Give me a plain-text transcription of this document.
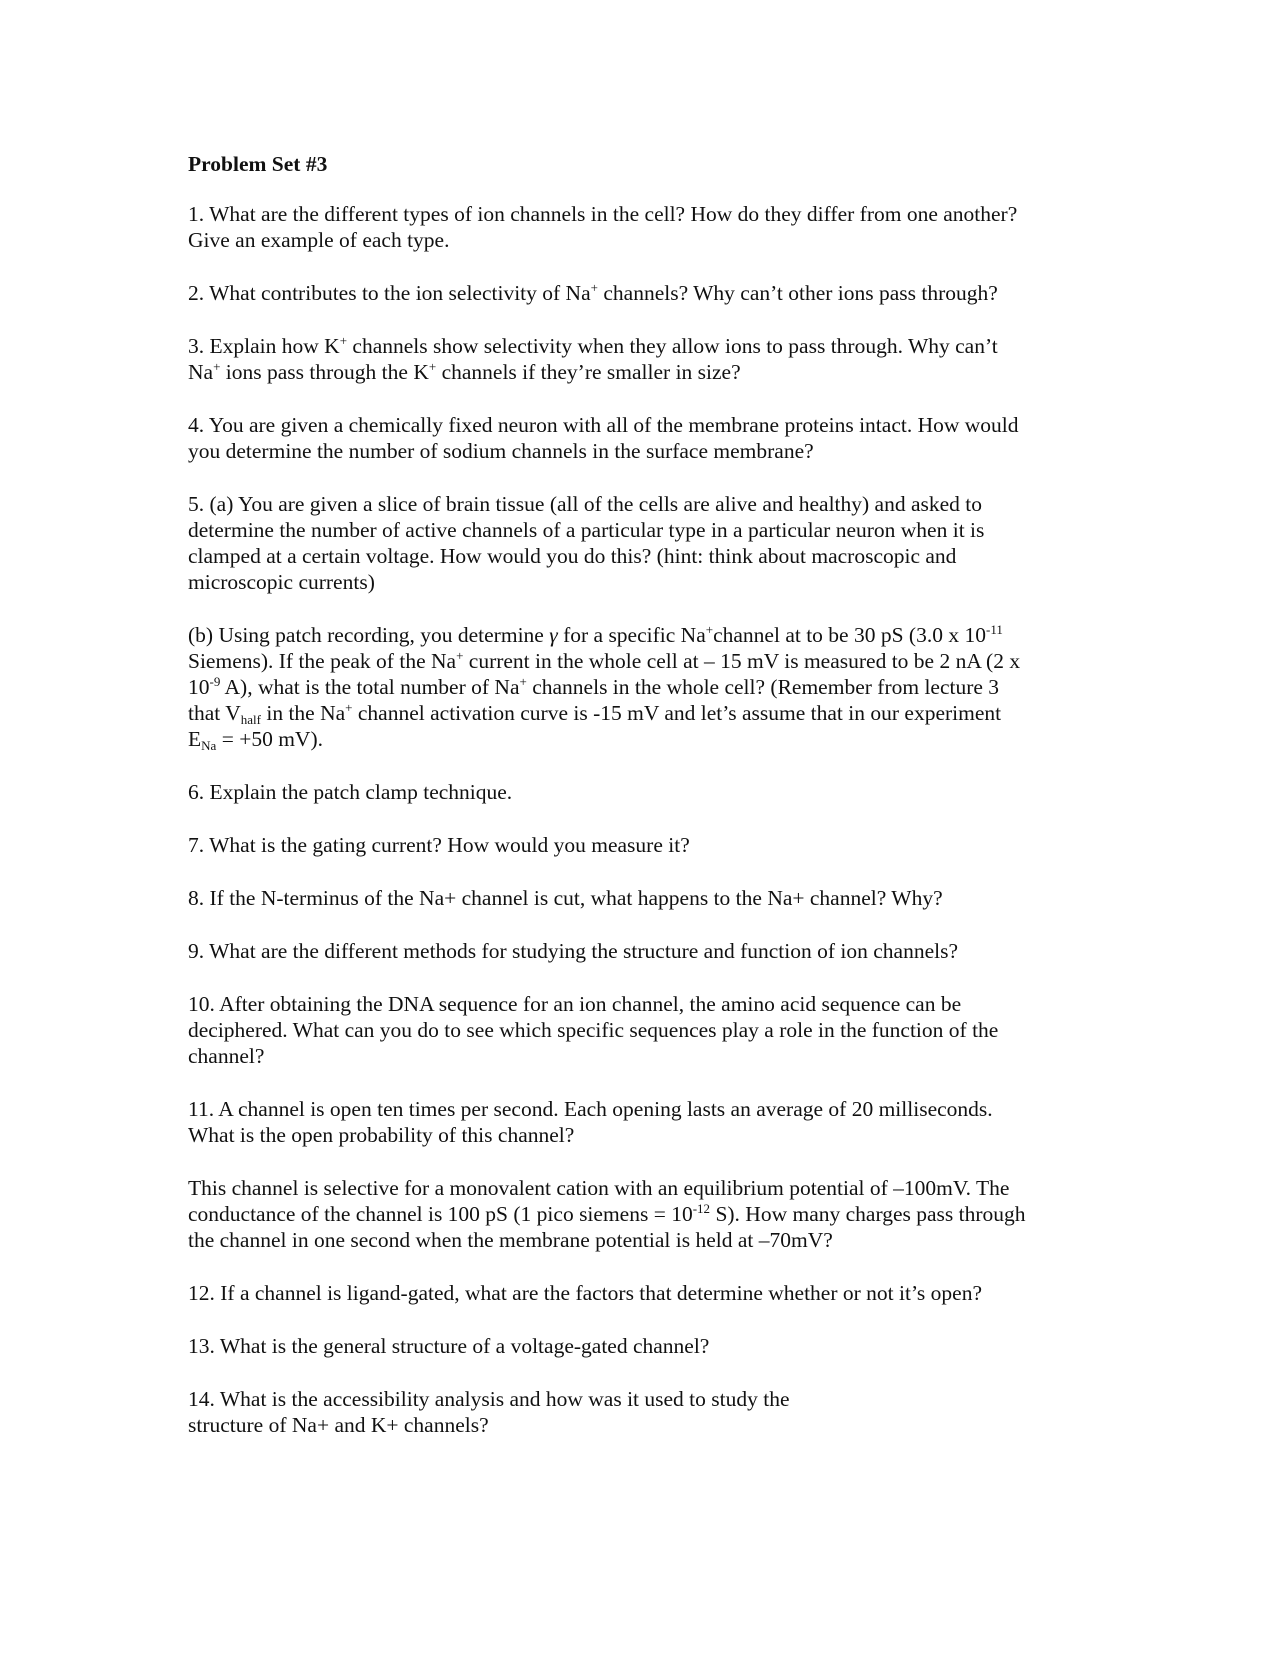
Problem Set #3

1. What are the different types of ion channels in the cell? How do they differ from one another?
Give an example of each type.

2. What contributes to the ion selectivity of Na+ channels? Why can’t other ions pass through?

3. Explain how K+ channels show selectivity when they allow ions to pass through. Why can’t
Na+ ions pass through the K+ channels if they’re smaller in size?

4. You are given a chemically fixed neuron with all of the membrane proteins intact. How would
you determine the number of sodium channels in the surface membrane?

5. (a) You are given a slice of brain tissue (all of the cells are alive and healthy) and asked to
determine the number of active channels of a particular type in a particular neuron when it is
clamped at a certain voltage. How would you do this? (hint: think about macroscopic and
microscopic currents)

(b) Using patch recording, you determine γ for a specific Na+channel at to be 30 pS (3.0 x $10^{-11}$
Siemens). If the peak of the Na+ current in the whole cell at – 15 mV is measured to be 2 nA (2 x
$10^{-9}$ A), what is the total number of Na+ channels in the whole cell? (Remember from lecture 3
that $V_{half}$ in the Na+ channel activation curve is -15 mV and let’s assume that in our experiment
$E_{Na} = +50$ mV).

6. Explain the patch clamp technique.

7. What is the gating current? How would you measure it?

8. If the N-terminus of the Na+ channel is cut, what happens to the Na+ channel? Why?

9. What are the different methods for studying the structure and function of ion channels?

10. After obtaining the DNA sequence for an ion channel, the amino acid sequence can be
deciphered. What can you do to see which specific sequences play a role in the function of the
channel?

11. A channel is open ten times per second. Each opening lasts an average of 20 milliseconds.
What is the open probability of this channel?

This channel is selective for a monovalent cation with an equilibrium potential of –100mV. The
conductance of the channel is 100 pS (1 pico siemens = $10^{-12}$ S). How many charges pass through
the channel in one second when the membrane potential is held at –70mV?

12. If a channel is ligand-gated, what are the factors that determine whether or not it’s open?

13. What is the general structure of a voltage-gated channel?

14. What is the accessibility analysis and how was it used to study the
structure of Na+ and K+ channels?
